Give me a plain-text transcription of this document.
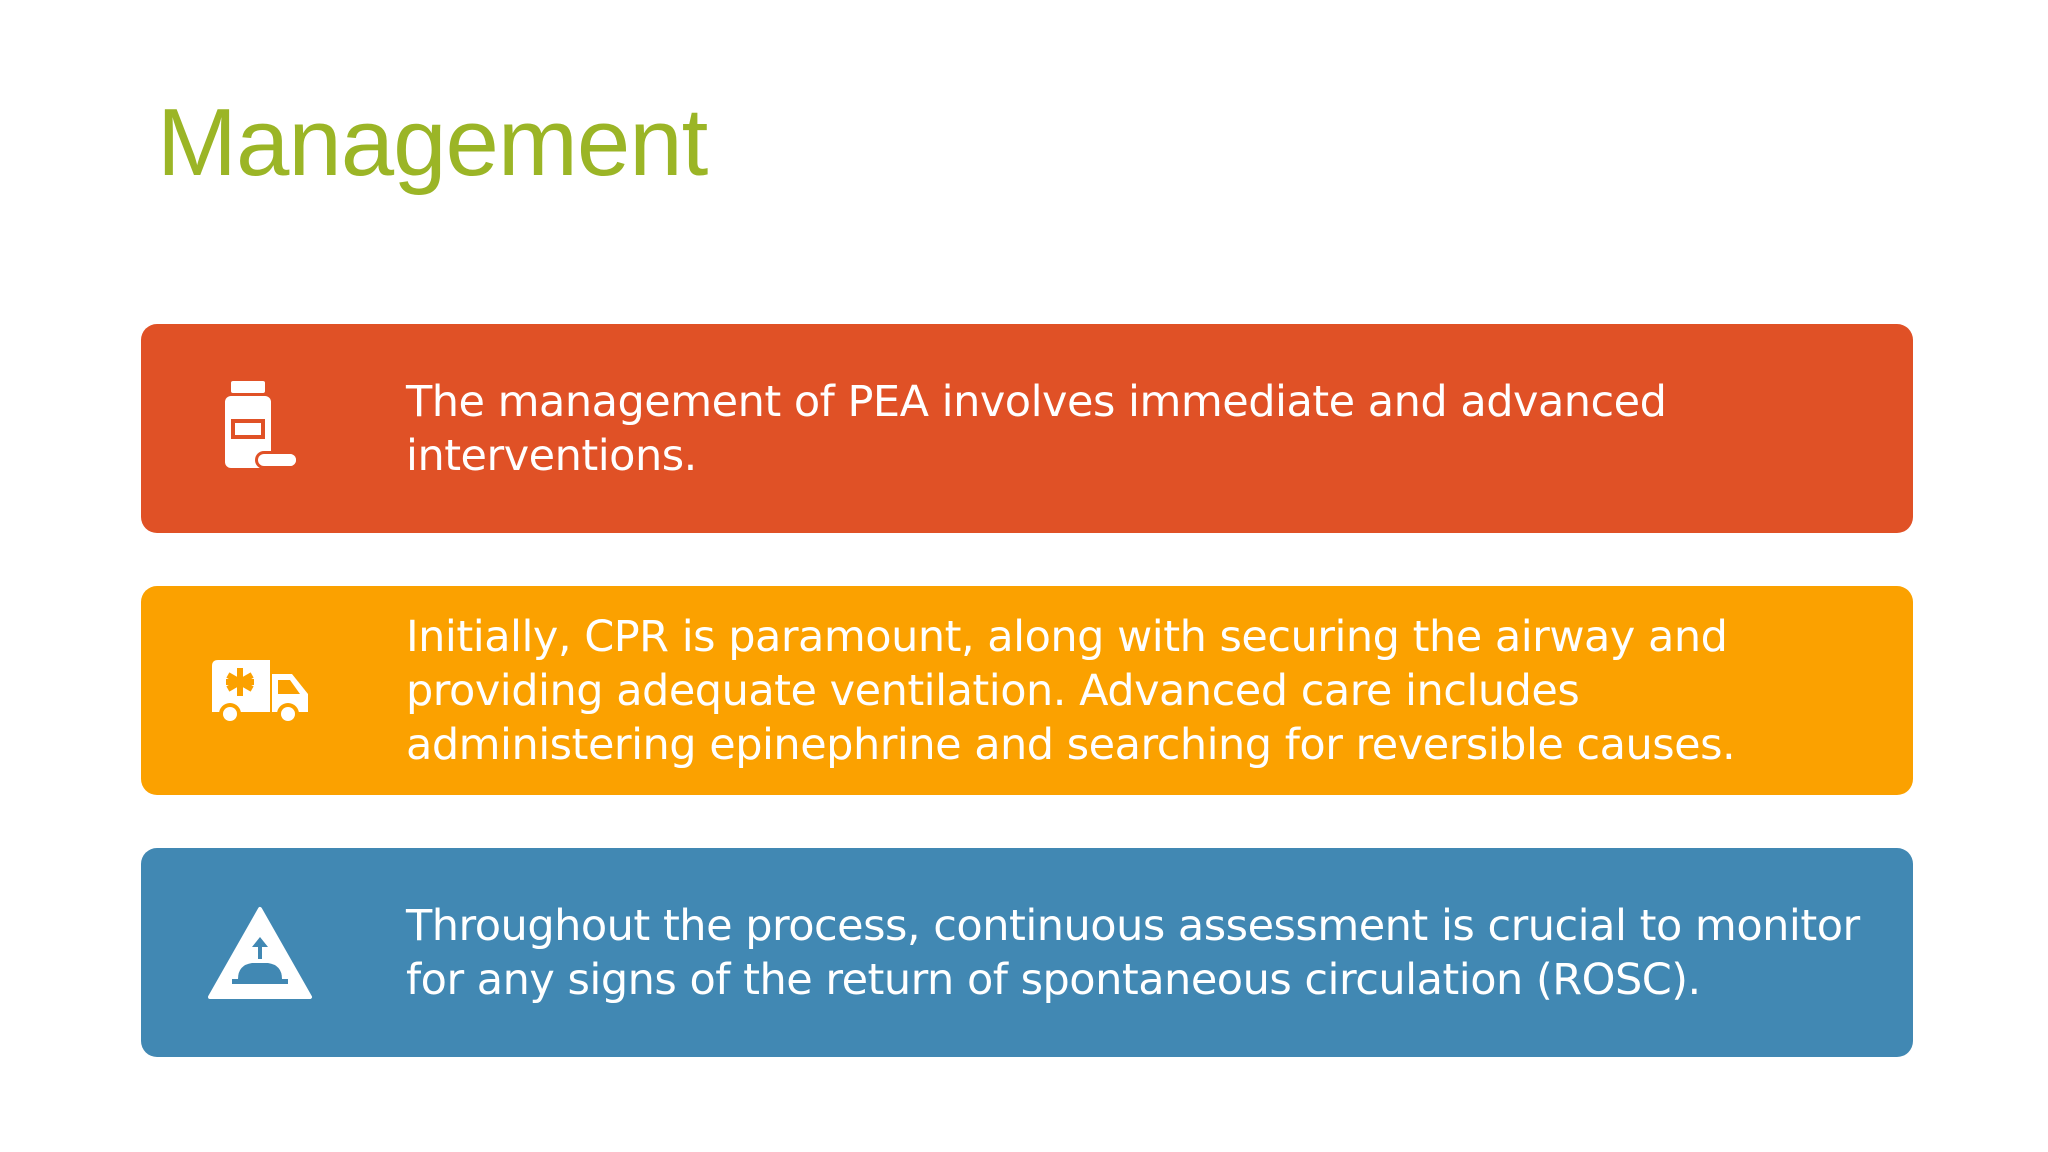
Management

The management of PEA involves immediate and advanced interventions.

Initially, CPR is paramount, along with securing the airway and providing adequate ventilation. Advanced care includes administering epinephrine and searching for reversible causes.

Throughout the process, continuous assessment is crucial to monitor for any signs of the return of spontaneous circulation (ROSC).
